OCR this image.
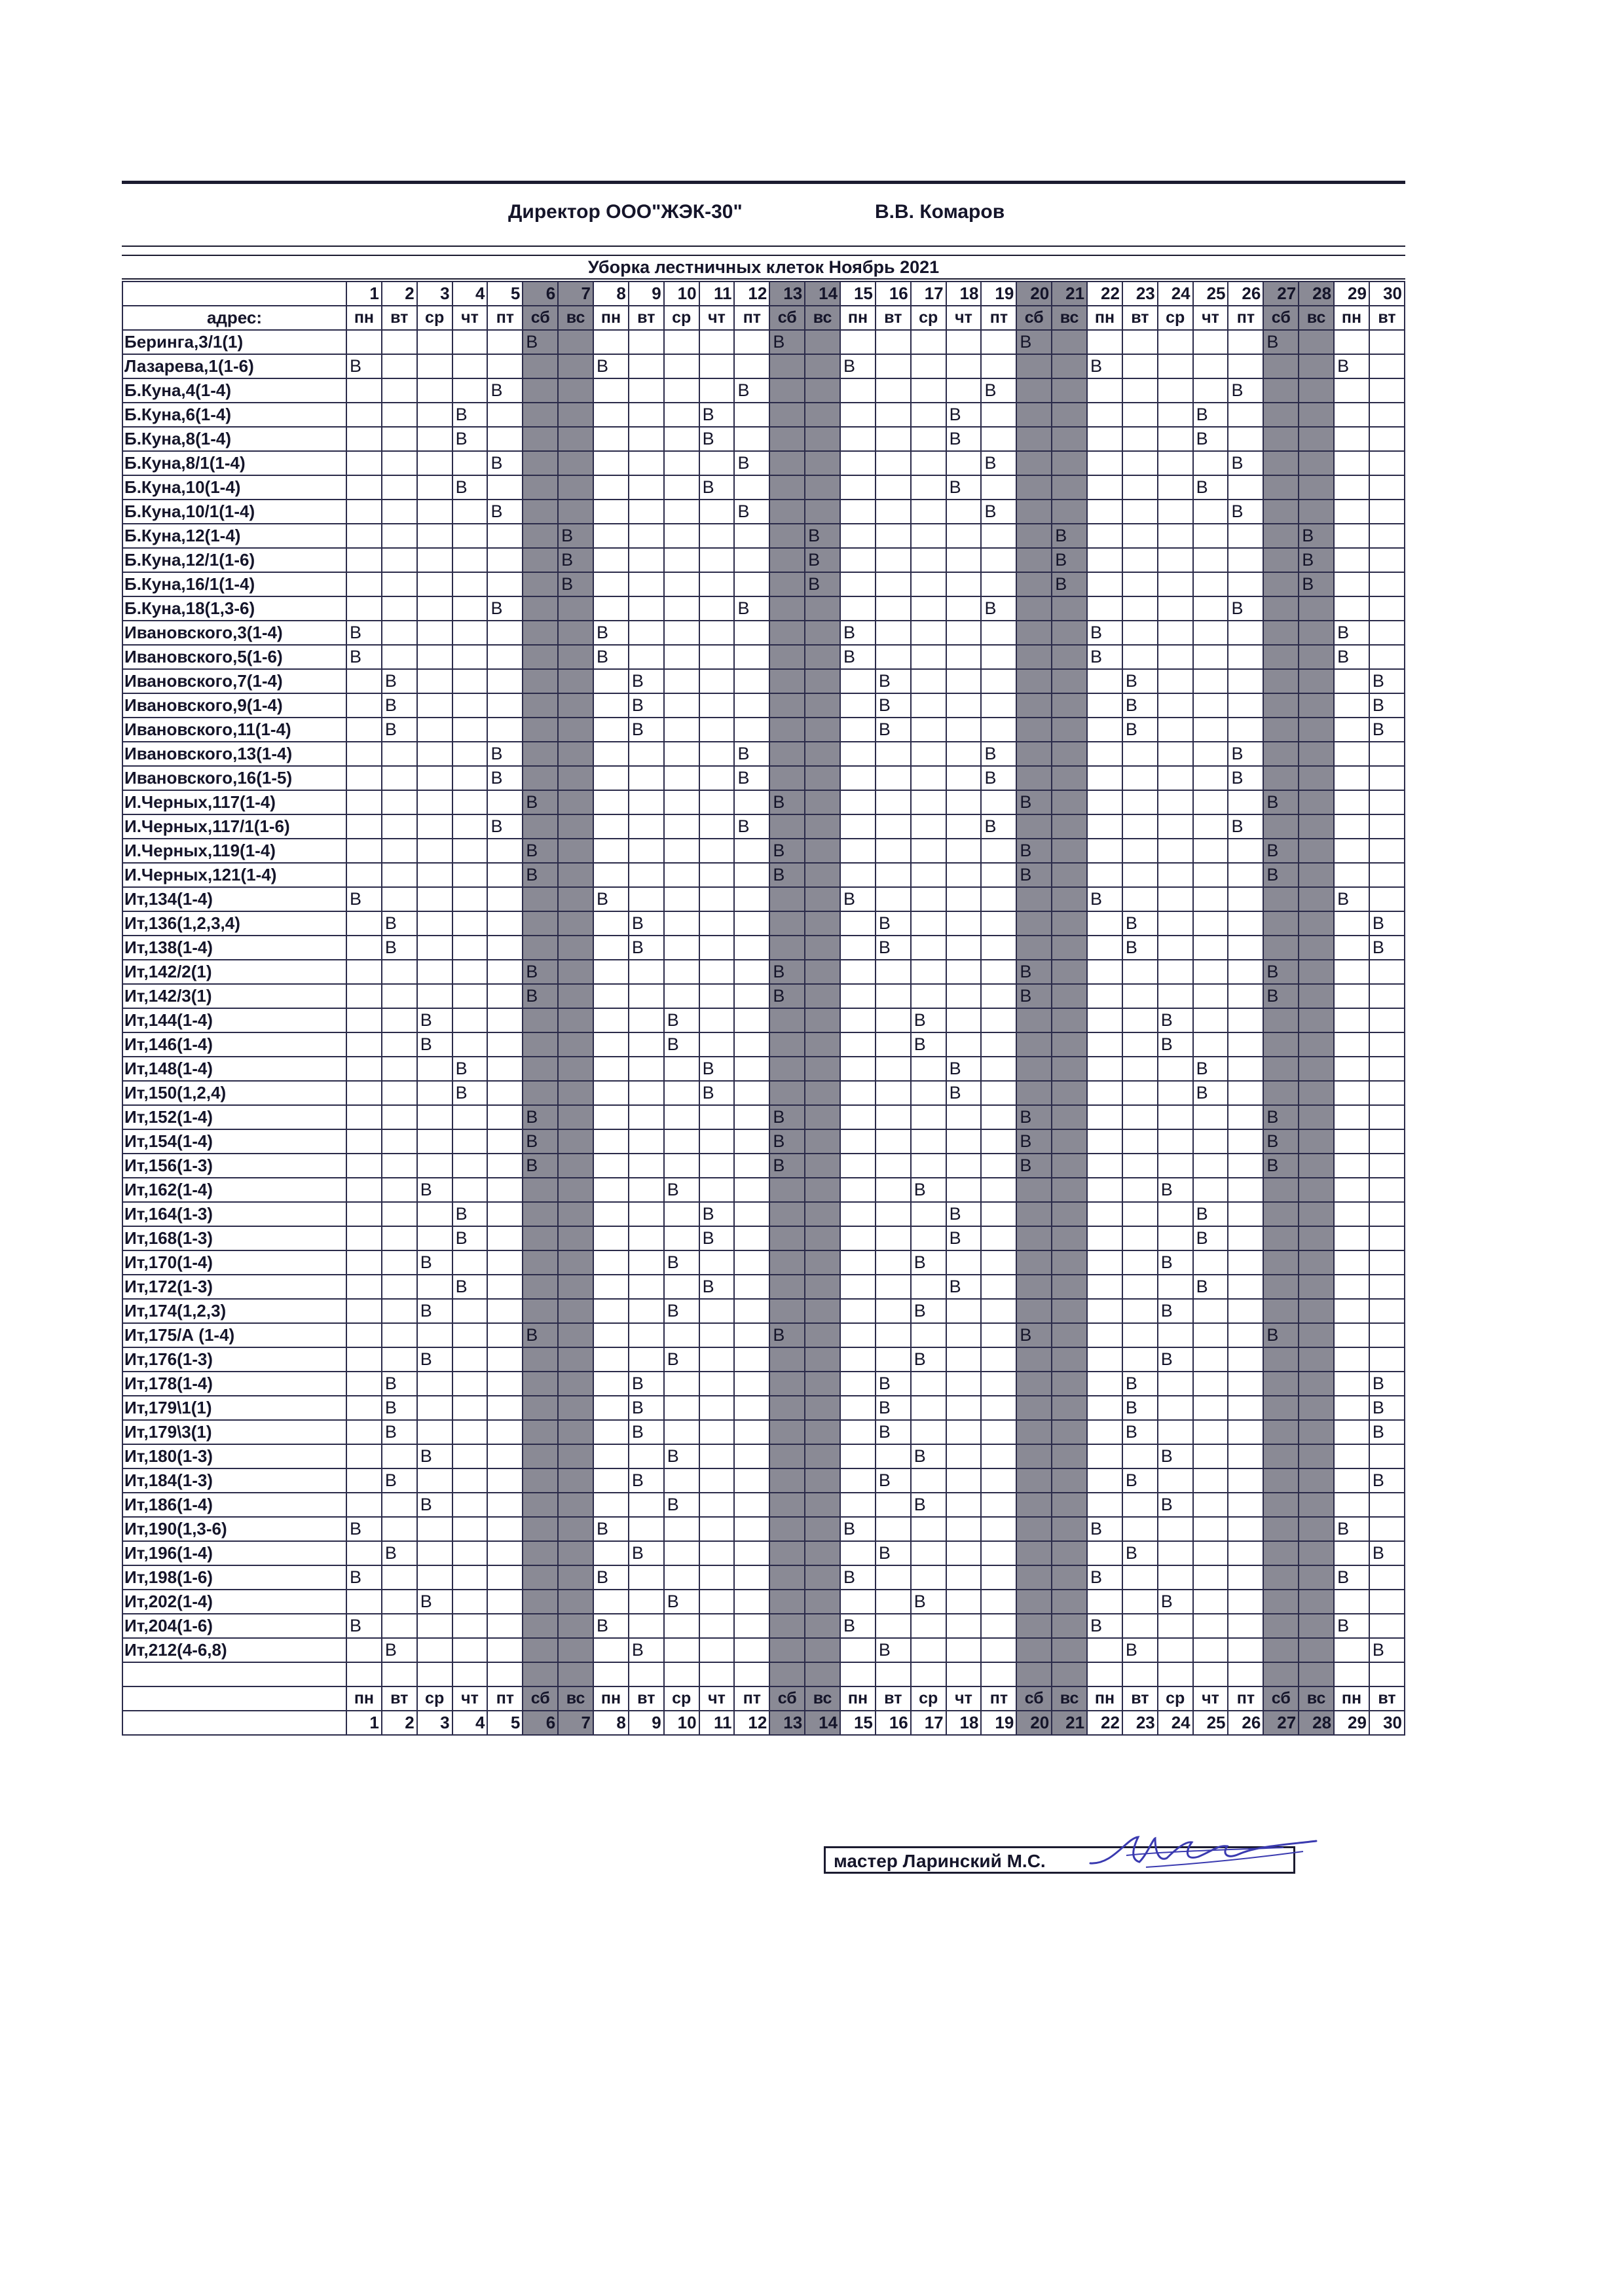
Директор ООО"ЖЭК-30"	В.В. Комаров
Уборка лестничных клеток Ноябрь 2021
	1	2	3	4	5	6	7	8	9	10	11	12	13	14	15	16	17	18	19	20	21	22	23	24	25	26	27	28	29	30
адрес:	пн	вт	ср	чт	пт	сб	вс	пн	вт	ср	чт	пт	сб	вс	пн	вт	ср	чт	пт	сб	вс	пн	вт	ср	чт	пт	сб	вс	пн	вт
Беринга,3/1(1)						В							В							В							В			
Лазарева,1(1-6)	В							В							В							В							В	
Б.Куна,4(1-4)					В							В							В							В				
Б.Куна,6(1-4)				В							В							В							В					
Б.Куна,8(1-4)				В							В							В							В					
Б.Куна,8/1(1-4)					В							В							В							В				
Б.Куна,10(1-4)				В							В							В							В					
Б.Куна,10/1(1-4)					В							В							В							В				
Б.Куна,12(1-4)							В							В							В							В		
Б.Куна,12/1(1-6)							В							В							В							В		
Б.Куна,16/1(1-4)							В							В							В							В		
Б.Куна,18(1,3-6)					В							В							В							В				
Ивановского,3(1-4)	В							В							В							В							В	
Ивановского,5(1-6)	В							В							В							В							В	
Ивановского,7(1-4)		В							В							В							В							В
Ивановского,9(1-4)		В							В							В							В							В
Ивановского,11(1-4)		В							В							В							В							В
Ивановского,13(1-4)					В							В							В							В				
Ивановского,16(1-5)					В							В							В							В				
И.Черных,117(1-4)						В							В							В							В			
И.Черных,117/1(1-6)					В							В							В							В				
И.Черных,119(1-4)						В							В							В							В			
И.Черных,121(1-4)						В							В							В							В			
Ит,134(1-4)	В							В							В							В							В	
Ит,136(1,2,3,4)		В							В							В							В							В
Ит,138(1-4)		В							В							В							В							В
Ит,142/2(1)						В							В							В							В			
Ит,142/3(1)						В							В							В							В			
Ит,144(1-4)			В							В							В							В						
Ит,146(1-4)			В							В							В							В						
Ит,148(1-4)				В							В							В							В					
Ит,150(1,2,4)				В							В							В							В					
Ит,152(1-4)						В							В							В							В			
Ит,154(1-4)						В							В							В							В			
Ит,156(1-3)						В							В							В							В			
Ит,162(1-4)			В							В							В							В						
Ит,164(1-3)				В							В							В							В					
Ит,168(1-3)				В							В							В							В					
Ит,170(1-4)			В							В							В							В						
Ит,172(1-3)				В							В							В							В					
Ит,174(1,2,3)			В							В							В							В						
Ит,175/А (1-4)						В							В							В							В			
Ит,176(1-3)			В							В							В							В						
Ит,178(1-4)		В							В							В							В							В
Ит,179\1(1)		В							В							В							В							В
Ит,179\3(1)		В							В							В							В							В
Ит,180(1-3)			В							В							В							В						
Ит,184(1-3)		В							В							В							В							В
Ит,186(1-4)			В							В							В							В						
Ит,190(1,3-6)	В							В							В							В							В	
Ит,196(1-4)		В							В							В							В							В
Ит,198(1-6)	В							В							В							В							В	
Ит,202(1-4)			В							В							В							В						
Ит,204(1-6)	В							В							В							В							В	
Ит,212(4-6,8)		В							В							В							В							В

	пн	вт	ср	чт	пт	сб	вс	пн	вт	ср	чт	пт	сб	вс	пн	вт	ср	чт	пт	сб	вс	пн	вт	ср	чт	пт	сб	вс	пн	вт
	1	2	3	4	5	6	7	8	9	10	11	12	13	14	15	16	17	18	19	20	21	22	23	24	25	26	27	28	29	30
мастер Ларинский М.С.
